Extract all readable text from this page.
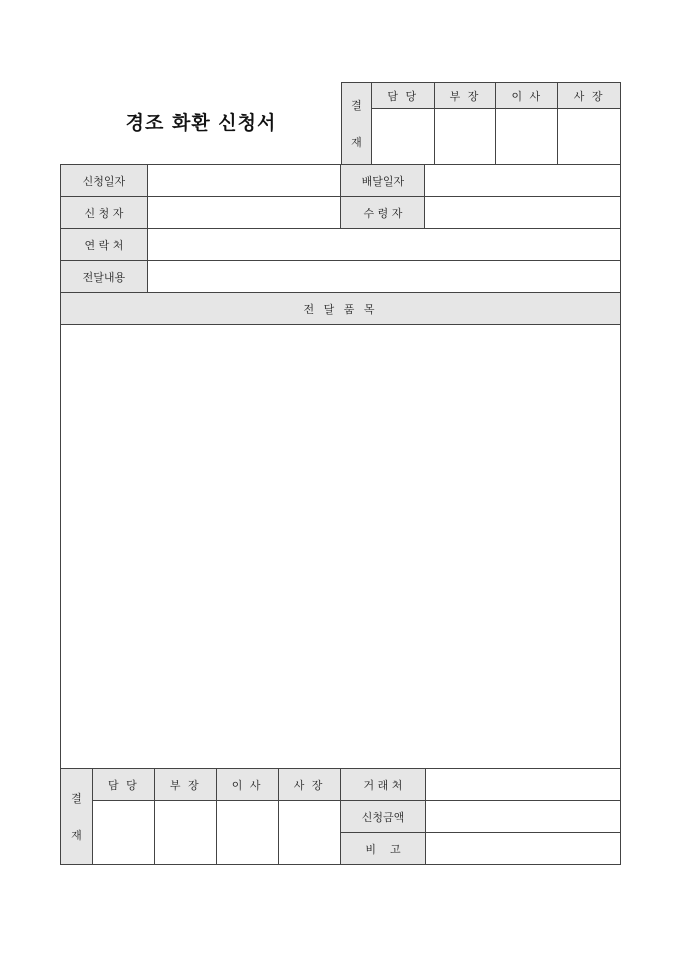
경조 화환 신청서
결
재	담 당	부 장	이 사	사 장

신청일자		배달일자	
신 청 자		수 령 자	
연 락 처			
전달내용			
전 달 품 목			

결
재	담 당	부 장	이 사	사 장	거 래 처	
					신청금액	
					비    고	
